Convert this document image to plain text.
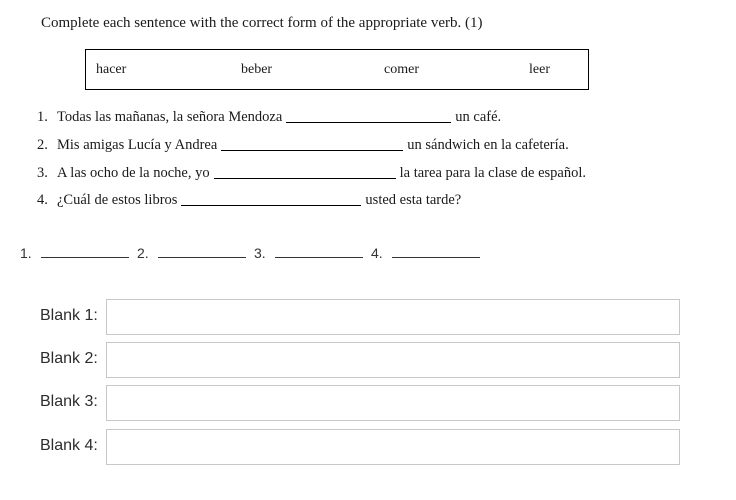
Complete each sentence with the correct form of the appropriate verb. (1)
hacer	beber	comer	leer
1. Todas las mañanas, la señora Mendoza	un café.
2. Mis amigas Lucía y Andrea	un sándwich en la cafetería.
3. A las ocho de la noche, yo	la tarea para la clase de español.
4. ¿Cuál de estos libros	usted esta tarde?
1.	2.	3.	4.
Blank 1:
Blank 2:
Blank 3:
Blank 4:
